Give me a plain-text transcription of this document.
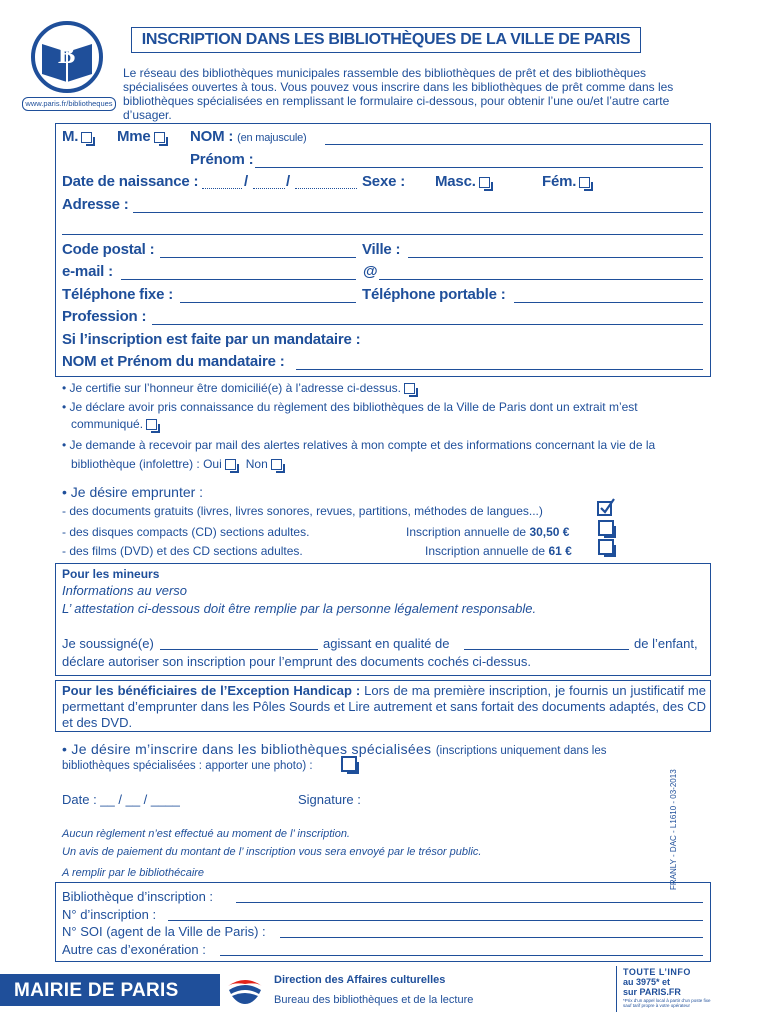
B
www.paris.fr/bibliotheques
INSCRIPTION DANS LES BIBLIOTHÈQUES DE LA VILLE DE PARIS
Le réseau des bibliothèques municipales rassemble des bibliothèques de prêt et des bibliothèques spécialisées ouvertes à tous. Vous pouvez vous inscrire dans les bibliothèques de prêt comme dans les bibliothèques spécialisées en remplissant le formulaire ci-dessous, pour obtenir l’une ou/et l’autre carte d’usager.
M.	Mme	NOM : (en majuscule)
Prénom :
Date de naissance :	/	/	Sexe : Masc.	Fém.
Adresse :
Code postal :	Ville :
e-mail :	@
Téléphone fixe :	Téléphone portable :
Profession :
Si l’inscription est faite par un mandataire :
NOM et Prénom du mandataire :
• Je certifie sur l’honneur être domicilié(e) à l’adresse ci-dessus.
• Je déclare avoir pris connaissance du règlement des bibliothèques de la Ville de Paris dont un extrait m’est
communiqué.
• Je demande à recevoir par mail des alertes relatives à mon compte et des informations concernant la vie de la
bibliothèque (infolettre) : Oui Non
• Je désire emprunter :
- des documents gratuits (livres, livres sonores, revues, partitions, méthodes de langues...)
- des disques compacts (CD) sections adultes.	Inscription annuelle de 30,50 €
- des films (DVD) et des CD sections adultes.	Inscription annuelle de 61 €
Pour les mineurs
Informations au verso
L’ attestation ci-dessous doit être remplie par la personne légalement responsable.
Je soussigné(e)	agissant en qualité de	de l’enfant,
déclare autoriser son inscription pour l’emprunt des documents cochés ci-dessus.
Pour les bénéficiaires de l’Exception Handicap : Lors de ma première inscription, je fournis un justificatif me permettant d’emprunter dans les Pôles Sourds et Lire autrement et sans fortait des documents adaptés, des CD et des DVD.
• Je désire m’inscrire dans les bibliothèques spécialisées (inscriptions uniquement dans les
bibliothèques spécialisées : apporter une photo) :
Date : __ / __ / ____	Signature :
Aucun règlement n’est effectué au moment de l’ inscription.
Un avis de paiement du montant de l’ inscription vous sera envoyé par le trésor public.
A remplir par le bibliothécaire
Bibliothèque d’inscription :
N° d’inscription :
N° SOI (agent de la Ville de Paris) :
Autre cas d’exonération :
FRANLY - DAC - L1610 - 03-2013
MAIRIE DE PARIS	Direction des Affaires culturelles
Bureau des bibliothèques et de la lecture
TOUTE L’INFO
au 3975* et
sur PARIS.FR
*Prix d’un appel local à partir d’un poste fixe sauf tarif propre à votre opérateur
